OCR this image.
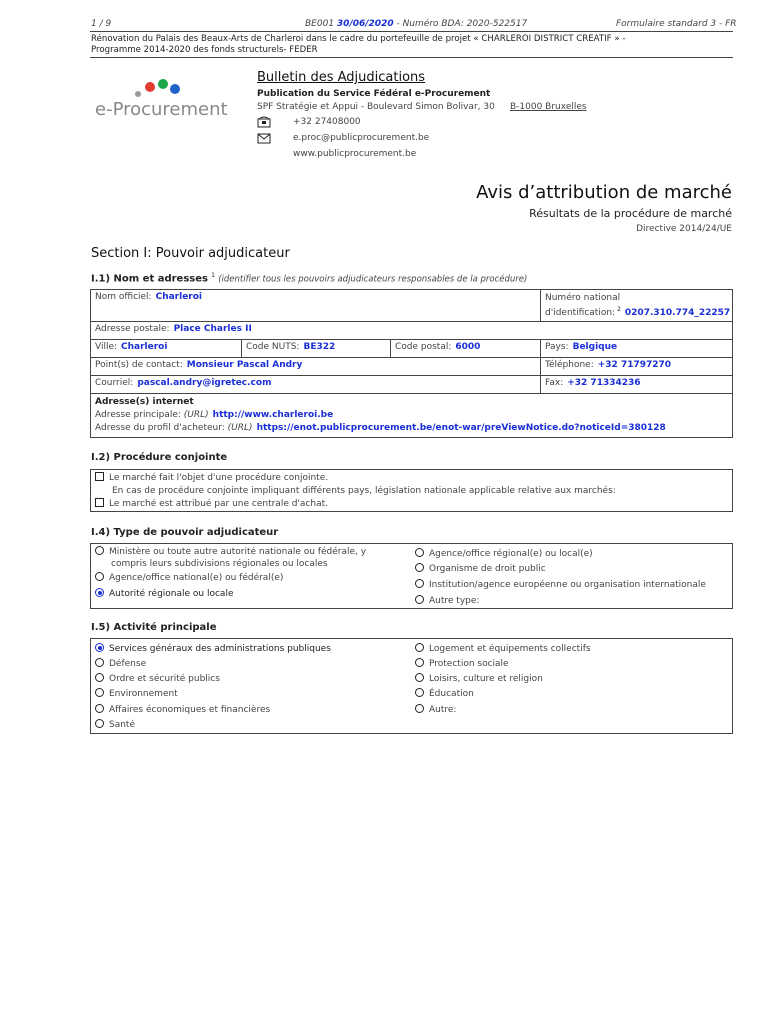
1 / 9	BE001 30/06/2020 - Numéro BDA: 2020-522517	Formulaire standard 3 - FR
Rénovation du Palais des Beaux-Arts de Charleroi dans le cadre du portefeuille de projet « CHARLEROI DISTRICT CREATIF » -
Programme 2014-2020 des fonds structurels- FEDER
e-Procurement
Bulletin des Adjudications
Publication du Service Fédéral e-Procurement
SPF Stratégie et Appui - Boulevard Simon Bolivar, 30 B-1000 Bruxelles
+32 27408000
e.proc@publicprocurement.be
www.publicprocurement.be
Avis d’attribution de marché
Résultats de la procédure de marché
Directive 2014/24/UE
Section I: Pouvoir adjudicateur
I.1) Nom et adresses $^1$ (identifier tous les pouvoirs adjudicateurs responsables de la procédure)
Nom officiel: Charleroi	Numéro national
d'identification: $^2$ 0207.310.774_22257
Adresse postale: Place Charles II
Ville: Charleroi	Code NUTS: BE322	Code postal: 6000	Pays: Belgique
Point(s) de contact: Monsieur Pascal Andry	Téléphone: +32 71797270
Courriel: pascal.andry@igretec.com	Fax: +32 71334236
Adresse(s) internet
Adresse principale: (URL) http://www.charleroi.be
Adresse du profil d'acheteur: (URL) https://enot.publicprocurement.be/enot-war/preViewNotice.do?noticeId=380128
I.2) Procédure conjointe
Le marché fait l'objet d'une procédure conjointe.
En cas de procédure conjointe impliquant différents pays, législation nationale applicable relative aux marchés:
Le marché est attribué par une centrale d'achat.
I.4) Type de pouvoir adjudicateur
Ministère ou toute autre autorité nationale ou fédérale, y
compris leurs subdivisions régionales ou locales
Agence/office national(e) ou fédéral(e)
Autorité régionale ou locale
Agence/office régional(e) ou local(e)
Organisme de droit public
Institution/agence européenne ou organisation internationale
Autre type:
I.5) Activité principale
Services généraux des administrations publiques
Défense
Ordre et sécurité publics
Environnement
Affaires économiques et financières
Santé
Logement et équipements collectifs
Protection sociale
Loisirs, culture et religion
Éducation
Autre:
